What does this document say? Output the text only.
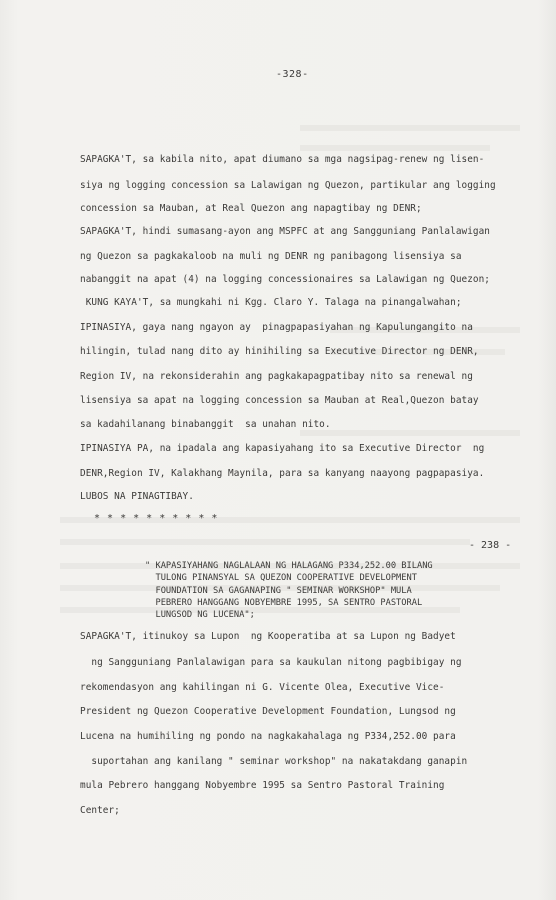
-328-
SAPAGKA'T, sa kabila nito, apat diumano sa mga nagsipag-renew ng lisen-
siya ng logging concession sa Lalawigan ng Quezon, partikular ang logging
concession sa Mauban, at Real Quezon ang napagtibay ng DENR;
SAPAGKA'T, hindi sumasang-ayon ang MSPFC at ang Sangguniang Panlalawigan
ng Quezon sa pagkakaloob na muli ng DENR ng panibagong lisensiya sa
nabanggit na apat (4) na logging concessionaires sa Lalawigan ng Quezon;
KUNG KAYA'T, sa mungkahi ni Kgg. Claro Y. Talaga na pinangalwahan;
IPINASIYA, gaya nang ngayon ay  pinagpapasiyahan ng Kapulungangito na
hilingin, tulad nang dito ay hinihiling sa Executive Director ng DENR,
Region IV, na rekonsiderahin ang pagkakapagpatibay nito sa renewal ng
lisensiya sa apat na logging concession sa Mauban at Real,Quezon batay
sa kadahilanang binabanggit  sa unahan nito.
IPINASIYA PA, na ipadala ang kapasiyahang ito sa Executive Director  ng
DENR,Region IV, Kalakhang Maynila, para sa kanyang naayong pagpapasiya.
LUBOS NA PINAGTIBAY.
* * * * * * * * * *
- 238 -
" KAPASIYAHANG NAGLALAAN NG HALAGANG P334,252.00 BILANG
TULONG PINANSYAL SA QUEZON COOPERATIVE DEVELOPMENT
FOUNDATION SA GAGANAPING " SEMINAR WORKSHOP" MULA
PEBRERO HANGGANG NOBYEMBRE 1995, SA SENTRO PASTORAL
LUNGSOD NG LUCENA";
SAPAGKA'T, itinukoy sa Lupon  ng Kooperatiba at sa Lupon ng Badyet
ng Sangguniang Panlalawigan para sa kaukulan nitong pagbibigay ng
rekomendasyon ang kahilingan ni G. Vicente Olea, Executive Vice-
President ng Quezon Cooperative Development Foundation, Lungsod ng
Lucena na humihiling ng pondo na nagkakahalaga ng P334,252.00 para
suportahan ang kanilang " seminar workshop" na nakatakdang ganapin
mula Pebrero hanggang Nobyembre 1995 sa Sentro Pastoral Training
Center;
